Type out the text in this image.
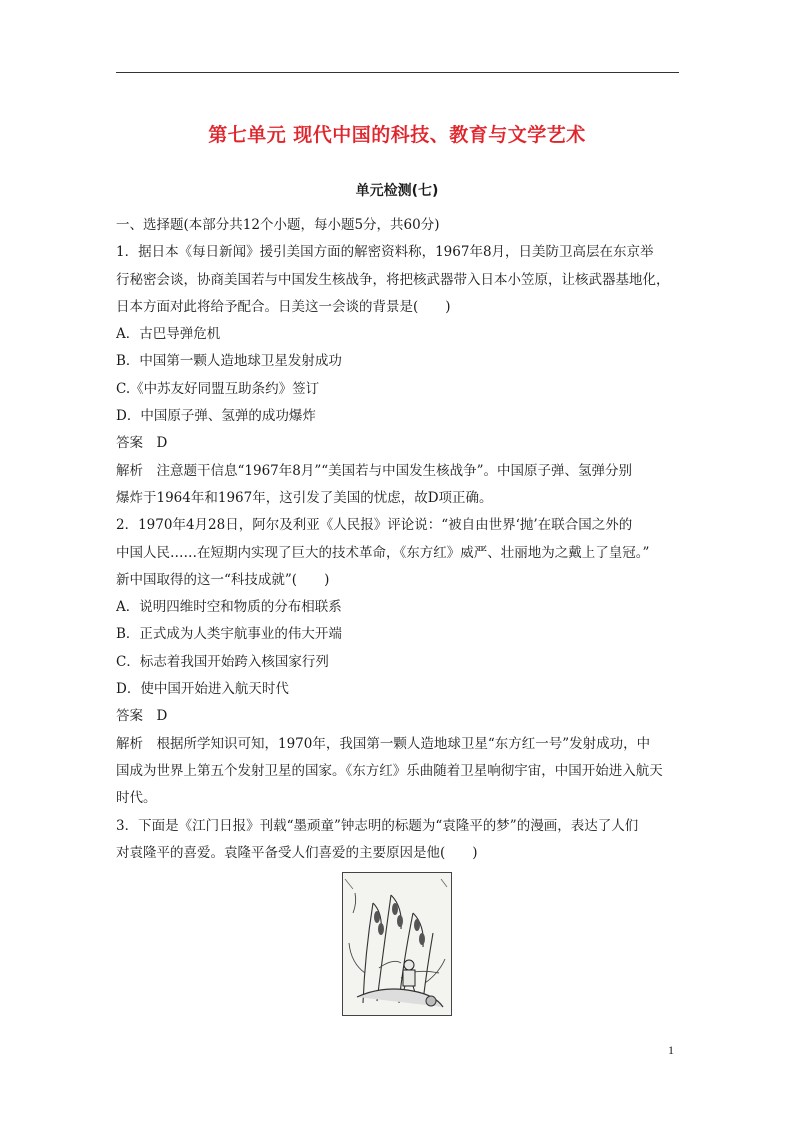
第七单元 现代中国的科技、教育与文学艺术
单元检测(七)
一、选择题(本部分共12个小题，每小题5分，共60分)
1．据日本《每日新闻》援引美国方面的解密资料称，1967年8月，日美防卫高层在东京举
行秘密会谈，协商美国若与中国发生核战争，将把核武器带入日本小笠原，让核武器基地化，
日本方面对此将给予配合。日美这一会谈的背景是(　　)
A．古巴导弹危机
B．中国第一颗人造地球卫星发射成功
C.《中苏友好同盟互助条约》签订
D．中国原子弹、氢弹的成功爆炸
答案　D
解析　注意题干信息“1967年8月”“美国若与中国发生核战争”。中国原子弹、氢弹分别
爆炸于1964年和1967年，这引发了美国的忧虑，故D项正确。
2．1970年4月28日，阿尔及利亚《人民报》评论说：“被自由世界‘抛’在联合国之外的
中国人民……在短期内实现了巨大的技术革命，《东方红》威严、壮丽地为之戴上了皇冠。”
新中国取得的这一“科技成就”(　　)
A．说明四维时空和物质的分布相联系
B．正式成为人类宇航事业的伟大开端
C．标志着我国开始跨入核国家行列
D．使中国开始进入航天时代
答案　D
解析　根据所学知识可知，1970年，我国第一颗人造地球卫星“东方红一号”发射成功，中
国成为世界上第五个发射卫星的国家。《东方红》乐曲随着卫星响彻宇宙，中国开始进入航天
时代。
3．下面是《江门日报》刊载“墨顽童”钟志明的标题为“袁隆平的梦”的漫画，表达了人们
对袁隆平的喜爱。袁隆平备受人们喜爱的主要原因是他(　　)
1
